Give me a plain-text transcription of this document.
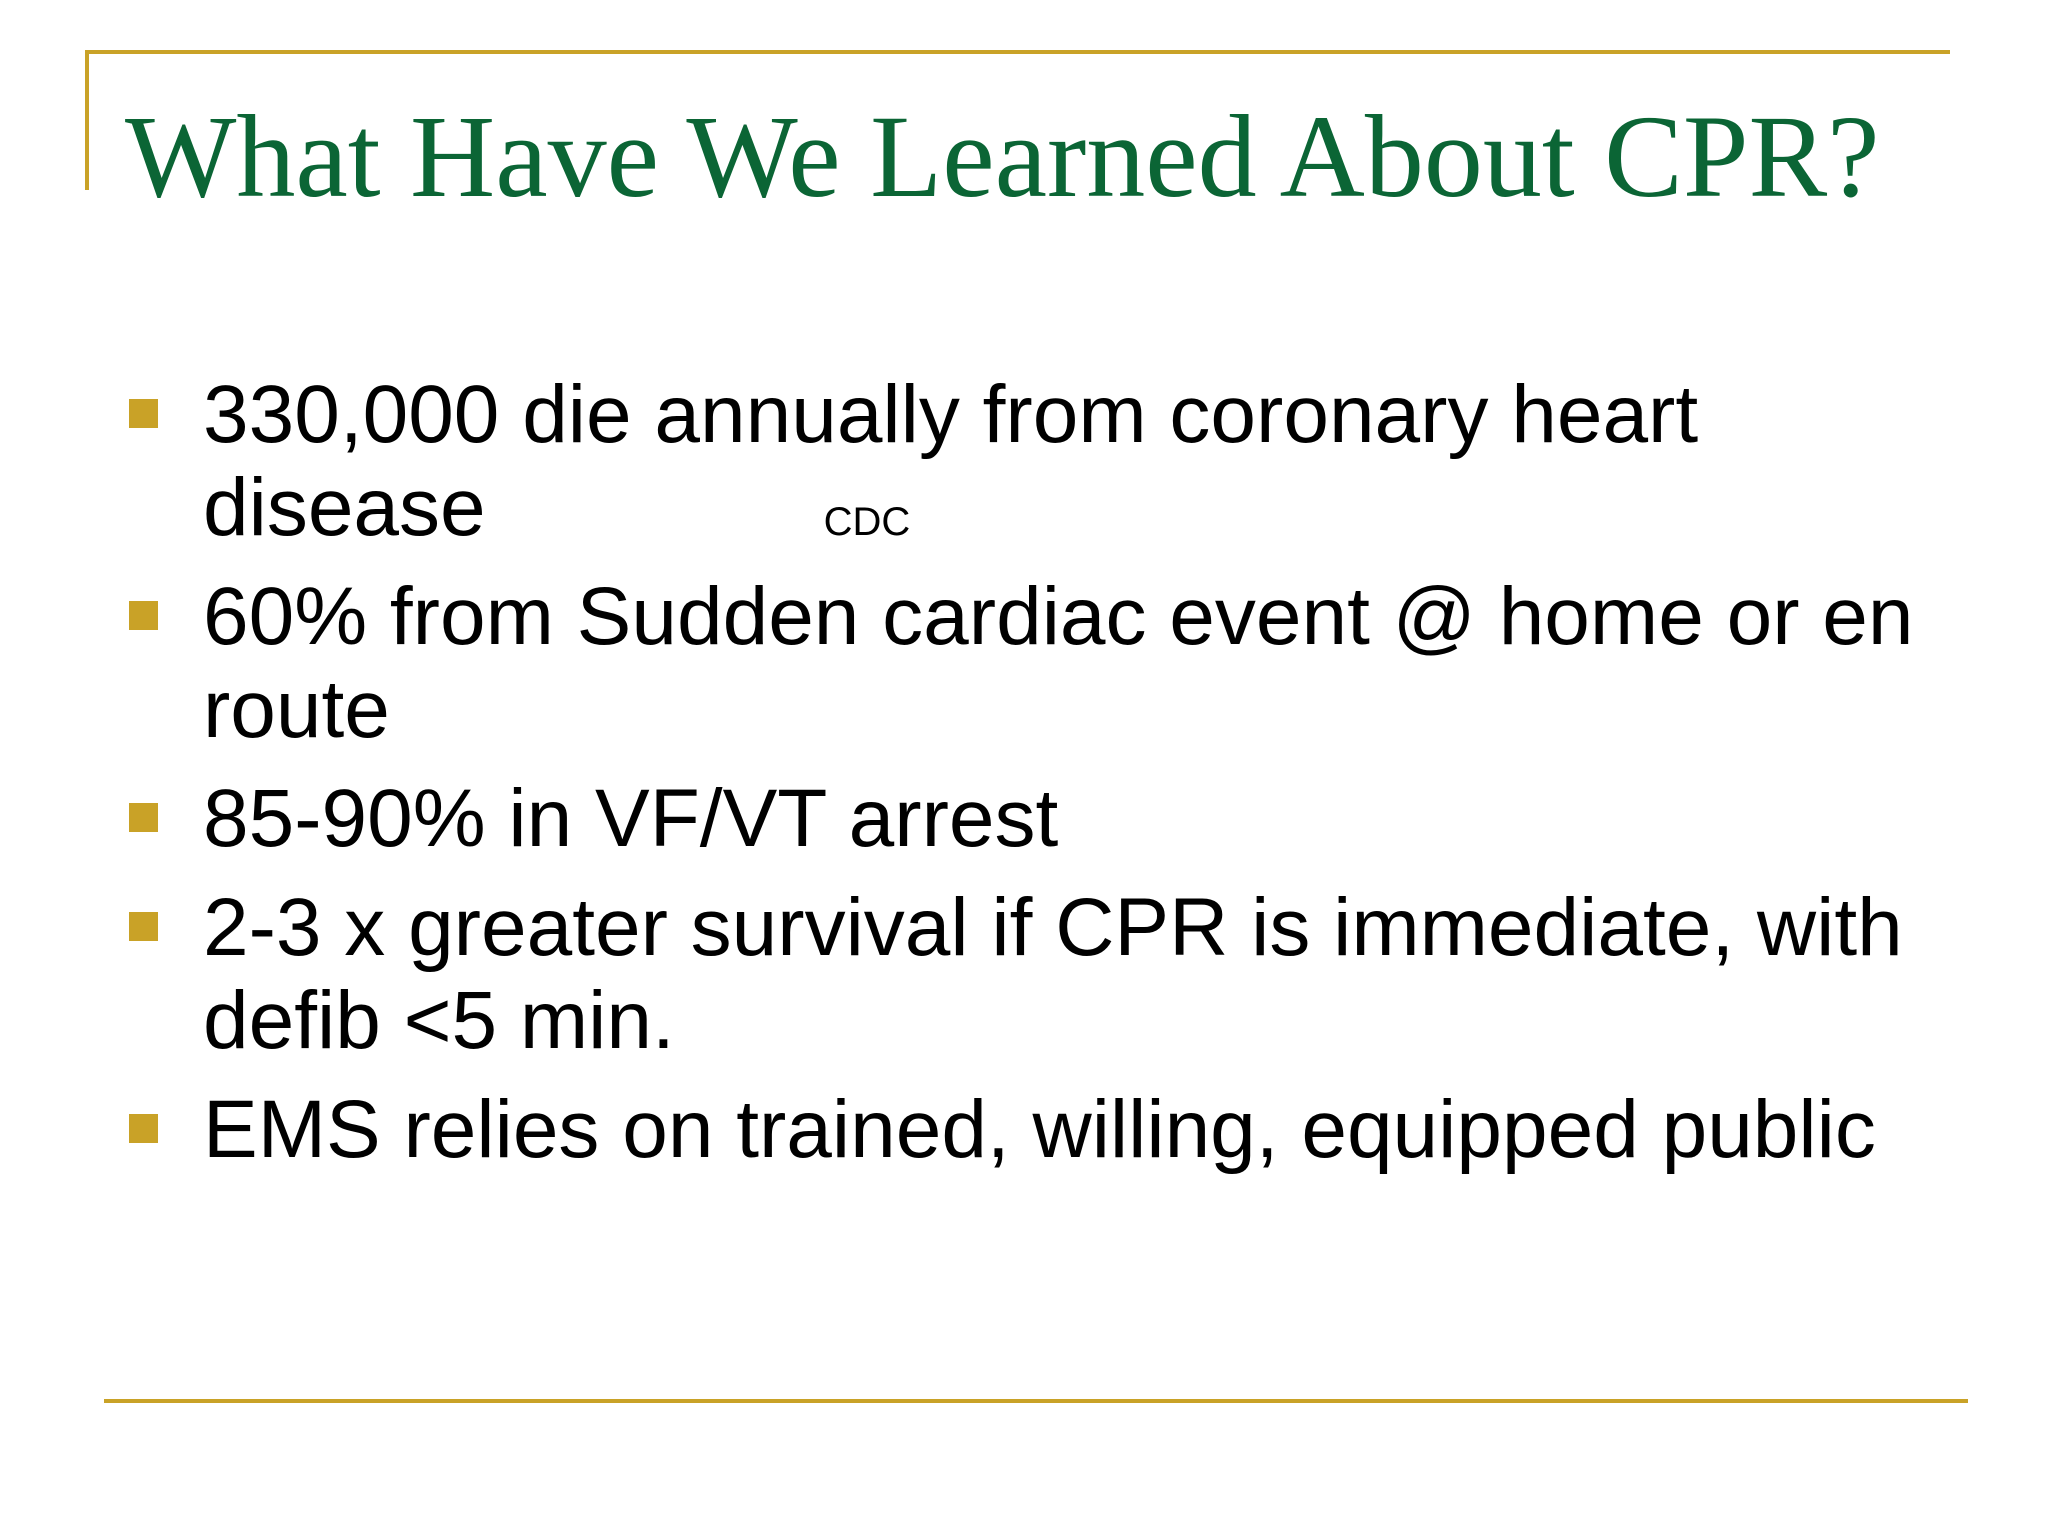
What Have We Learned About CPR?
330,000 die annually from coronary heart disease	CDC
60% from Sudden cardiac event @ home or en route
85-90% in VF/VT arrest
2-3 x greater survival if CPR is immediate, with defib <5 min.
EMS relies on trained, willing, equipped public
